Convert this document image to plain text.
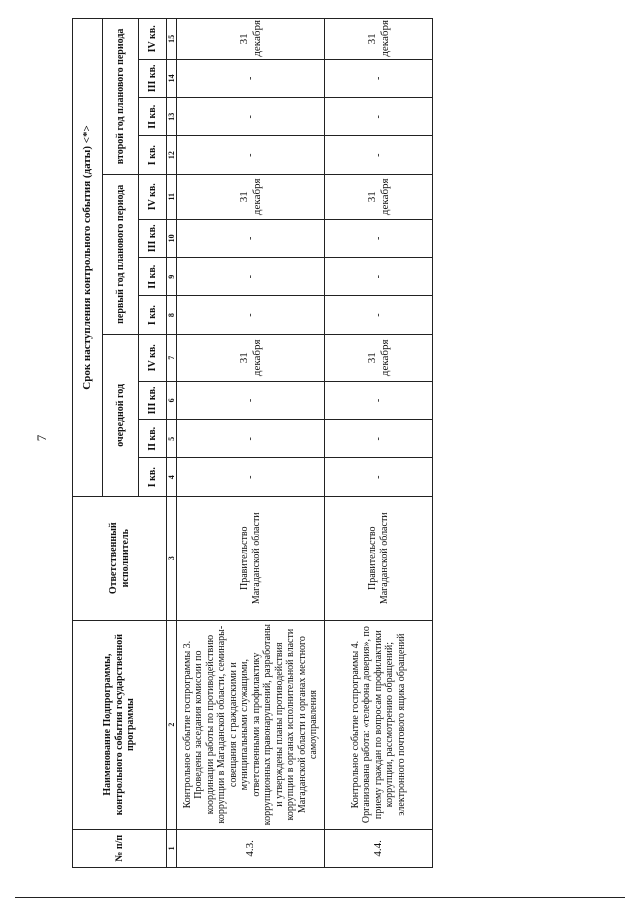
7
№ п/п	Наименование Подпрограммы, контрольного события государственной программы	Ответственный исполнитель	Срок наступления контрольного события (даты) <*>											
			очередной год				первый год планового периода				второй год планового периода			
			I кв.	II кв.	III кв.	IV кв.	I кв.	II кв.	III кв.	IV кв.	I кв.	II кв.	III кв.	IV кв.
1	2	3	4	5	6	7	8	9	10	11	12	13	14	15
4.3.	Контрольное событие госпрограммы 3. Проведены заседания комиссии по координации работы по противодействию коррупции в Магаданской области, семинары-совещания с гражданскими и муниципальными служащими, ответственными за профилактику коррупционных правонарушений, разработаны и утверждены планы противодействия коррупции в органах исполнительной власти Магаданской области и органах местного самоуправления	Правительство Магаданской области	-	-	-	31 декабря	-	-	-	31 декабря	-	-	-	31 декабря
4.4.	Контрольное событие госпрограммы 4. Организована работа: «телефона доверия», по приему граждан по вопросам профилактики коррупции, рассмотрению обращений; электронного почтового ящика обращений	Правительство Магаданской области	-	-	-	31 декабря	-	-	-	31 декабря	-	-	-	31 декабря
